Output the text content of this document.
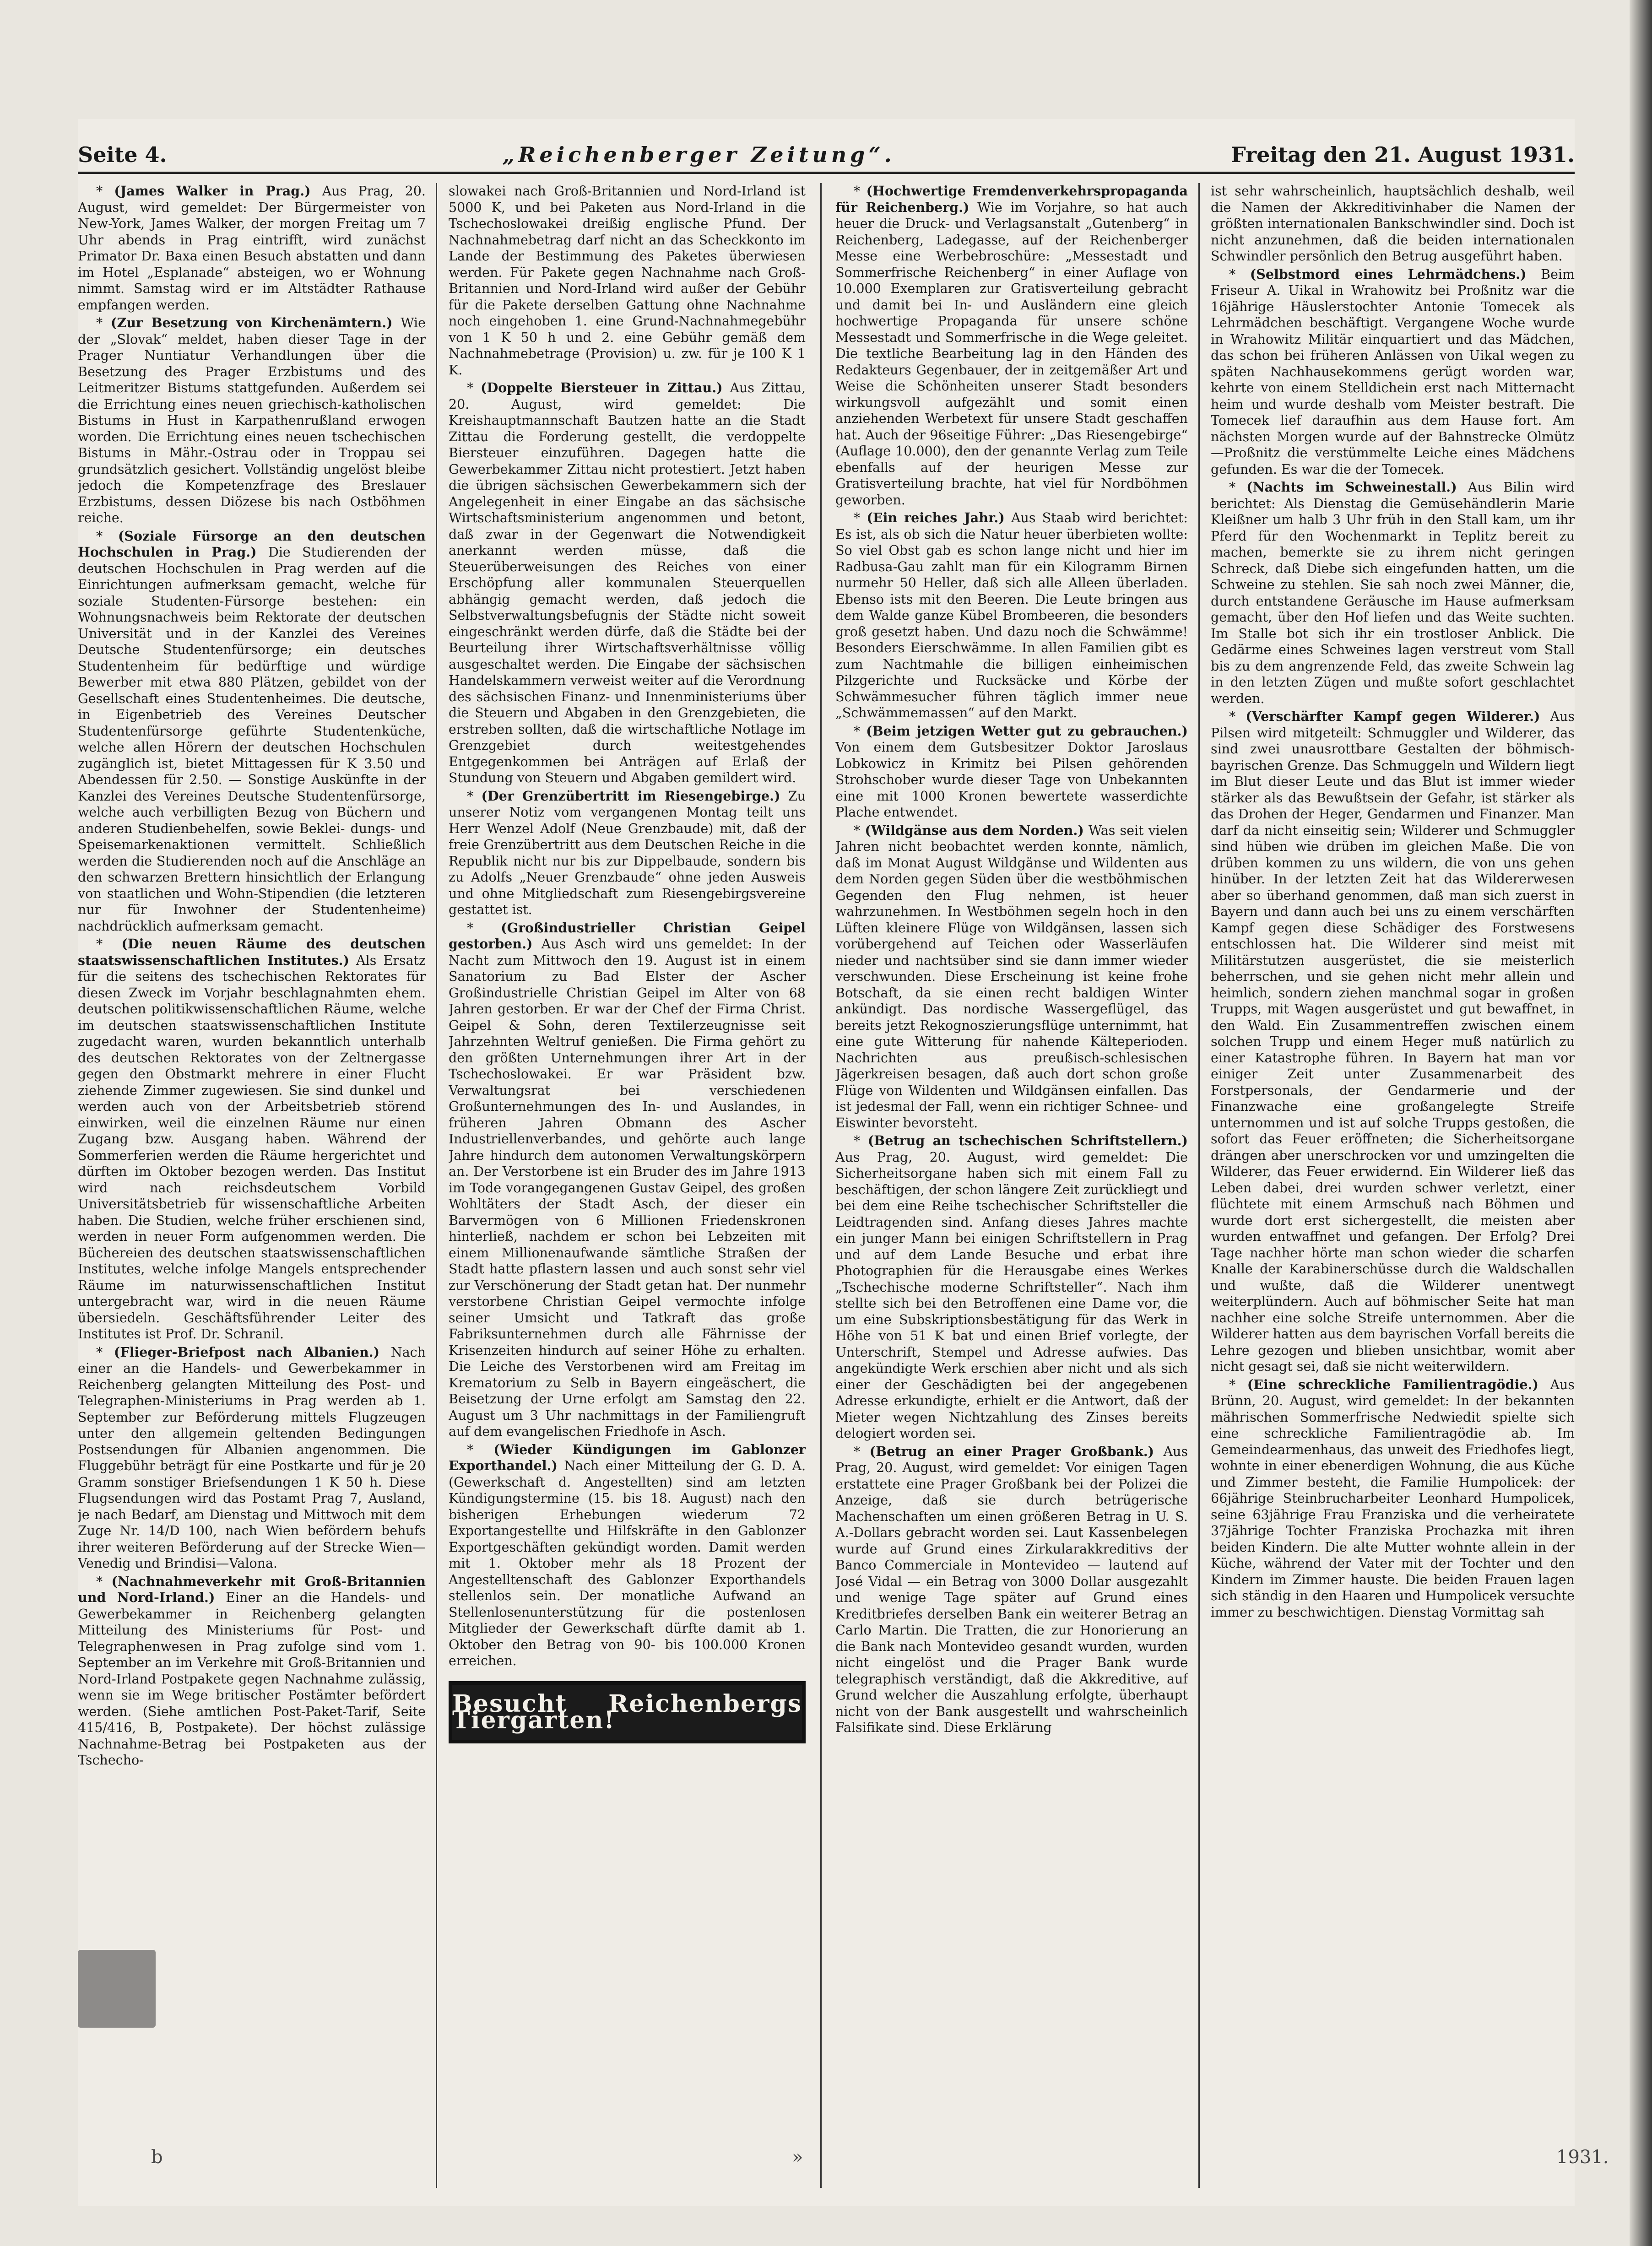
Seite 4.	„Reichenberger Zeitung“.	Freitag den 21. August 1931.

* (James Walker in Prag.) Aus Prag, 20. August, wird gemeldet: Der Bürgermeister von New-York, James Walker, der morgen Freitag um 7 Uhr abends in Prag eintrifft, wird zunächst Primator Dr. Baxa einen Besuch abstatten und dann im Hotel „Esplanade“ absteigen, wo er Wohnung nimmt. Samstag wird er im Altstädter Rathause empfangen werden.

* (Zur Besetzung von Kirchenämtern.) Wie der „Slovak“ meldet, haben dieser Tage in der Prager Nuntiatur Verhandlungen über die Besetzung des Prager Erzbistums und des Leitmeritzer Bistums stattgefunden. Außerdem sei die Errichtung eines neuen griechisch-katholischen Bistums in Hust in Karpathenrußland erwogen worden. Die Errichtung eines neuen tschechischen Bistums in Mähr.-Ostrau oder in Troppau sei grundsätzlich gesichert. Vollständig ungelöst bleibe jedoch die Kompetenzfrage des Breslauer Erzbistums, dessen Diözese bis nach Ostböhmen reiche.

* (Soziale Fürsorge an den deutschen Hochschulen in Prag.) Die Studierenden der deutschen Hochschulen in Prag werden auf die Einrichtungen aufmerksam gemacht, welche für soziale Studenten-Fürsorge bestehen: ein Wohnungsnachweis beim Rektorate der deutschen Universität und in der Kanzlei des Vereines Deutsche Studentenfürsorge; ein deutsches Studentenheim für bedürftige und würdige Bewerber mit etwa 880 Plätzen, gebildet von der Gesellschaft eines Studentenheimes. Die deutsche, in Eigenbetrieb des Vereines Deutscher Studentenfürsorge geführte Studentenküche, welche allen Hörern der deutschen Hochschulen zugänglich ist, bietet Mittagessen für K 3.50 und Abendessen für 2.50. — Sonstige Auskünfte in der Kanzlei des Vereines Deutsche Studentenfürsorge, welche auch verbilligten Bezug von Büchern und anderen Studienbehelfen, sowie Beklei- dungs- und Speisemarkenaktionen vermittelt. Schließlich werden die Studierenden noch auf die Anschläge an den schwarzen Brettern hinsichtlich der Erlangung von staatlichen und Wohn-Stipendien (die letzteren nur für Inwohner der Studentenheime) nachdrücklich aufmerksam gemacht.

* (Die neuen Räume des deutschen staatswissenschaftlichen Institutes.) Als Ersatz für die seitens des tschechischen Rektorates für diesen Zweck im Vorjahr beschlagnahmten ehem. deutschen politikwissenschaftlichen Räume, welche im deutschen staatswissenschaftlichen Institute zugedacht waren, wurden bekanntlich unterhalb des deutschen Rektorates von der Zeltnergasse gegen den Obstmarkt mehrere in einer Flucht ziehende Zimmer zugewiesen. Sie sind dunkel und werden auch von der Arbeitsbetrieb störend einwirken, weil die einzelnen Räume nur einen Zugang bzw. Ausgang haben. Während der Sommerferien werden die Räume hergerichtet und dürften im Oktober bezogen werden. Das Institut wird nach reichsdeutschem Vorbild Universitätsbetrieb für wissenschaftliche Arbeiten haben. Die Studien, welche früher erschienen sind, werden in neuer Form aufgenommen werden. Die Büchereien des deutschen staatswissenschaftlichen Institutes, welche infolge Mangels entsprechender Räume im naturwissenschaftlichen Institut untergebracht war, wird in die neuen Räume übersiedeln. Geschäftsführender Leiter des Institutes ist Prof. Dr. Schranil.

* (Flieger-Briefpost nach Albanien.) Nach einer an die Handels- und Gewerbekammer in Reichenberg gelangten Mitteilung des Post- und Telegraphen-Ministeriums in Prag werden ab 1. September zur Beförderung mittels Flugzeugen unter den allgemein geltenden Bedingungen Postsendungen für Albanien angenommen. Die Fluggebühr beträgt für eine Postkarte und für je 20 Gramm sonstiger Briefsendungen 1 K 50 h. Diese Flugsendungen wird das Postamt Prag 7, Ausland, je nach Bedarf, am Dienstag und Mittwoch mit dem Zuge Nr. 14/D 100, nach Wien befördern behufs ihrer weiteren Beförderung auf der Strecke Wien—Venedig und Brindisi—Valona.

* (Nachnahmeverkehr mit Groß-Britannien und Nord-Irland.) Einer an die Handels- und Gewerbekammer in Reichenberg gelangten Mitteilung des Ministeriums für Post- und Telegraphenwesen in Prag zufolge sind vom 1. September an im Verkehre mit Groß-Britannien und Nord-Irland Postpakete gegen Nachnahme zulässig, wenn sie im Wege britischer Postämter befördert werden. (Siehe amtlichen Post-Paket-Tarif, Seite 415/416, B, Postpakete). Der höchst zulässige Nachnahme-Betrag bei Postpaketen aus der Tschecho-

slowakei nach Groß-Britannien und Nord-Irland ist 5000 K, und bei Paketen aus Nord-Irland in die Tschechoslowakei dreißig englische Pfund. Der Nachnahmebetrag darf nicht an das Scheckkonto im Lande der Bestimmung des Paketes überwiesen werden. Für Pakete gegen Nachnahme nach Groß-Britannien und Nord-Irland wird außer der Gebühr für die Pakete derselben Gattung ohne Nachnahme noch eingehoben 1. eine Grund-Nachnahmegebühr von 1 K 50 h und 2. eine Gebühr gemäß dem Nachnahmebetrage (Provision) u. zw. für je 100 K 1 K.

* (Doppelte Biersteuer in Zittau.) Aus Zittau, 20. August, wird gemeldet: Die Kreishauptmannschaft Bautzen hatte an die Stadt Zittau die Forderung gestellt, die verdoppelte Biersteuer einzuführen. Dagegen hatte die Gewerbekammer Zittau nicht protestiert. Jetzt haben die übrigen sächsischen Gewerbekammern sich der Angelegenheit in einer Eingabe an das sächsische Wirtschaftsministerium angenommen und betont, daß zwar in der Gegenwart die Notwendigkeit anerkannt werden müsse, daß die Steuerüberweisungen des Reiches von einer Erschöpfung aller kommunalen Steuerquellen abhängig gemacht werden, daß jedoch die Selbstverwaltungsbefugnis der Städte nicht soweit eingeschränkt werden dürfe, daß die Städte bei der Beurteilung ihrer Wirtschaftsverhältnisse völlig ausgeschaltet werden. Die Eingabe der sächsischen Handelskammern verweist weiter auf die Verordnung des sächsischen Finanz- und Innenministeriums über die Steuern und Abgaben in den Grenzgebieten, die erstreben sollten, daß die wirtschaftliche Notlage im Grenzgebiet durch weitestgehendes Entgegenkommen bei Anträgen auf Erlaß der Stundung von Steuern und Abgaben gemildert wird.

* (Der Grenzübertritt im Riesengebirge.) Zu unserer Notiz vom vergangenen Montag teilt uns Herr Wenzel Adolf (Neue Grenzbaude) mit, daß der freie Grenzübertritt aus dem Deutschen Reiche in die Republik nicht nur bis zur Dippelbaude, sondern bis zu Adolfs „Neuer Grenzbaude“ ohne jeden Ausweis und ohne Mitgliedschaft zum Riesengebirgsvereine gestattet ist.

* (Großindustrieller Christian Geipel gestorben.) Aus Asch wird uns gemeldet: In der Nacht zum Mittwoch den 19. August ist in einem Sanatorium zu Bad Elster der Ascher Großindustrielle Christian Geipel im Alter von 68 Jahren gestorben. Er war der Chef der Firma Christ. Geipel & Sohn, deren Textilerzeugnisse seit Jahrzehnten Weltruf genießen. Die Firma gehört zu den größten Unternehmungen ihrer Art in der Tschechoslowakei. Er war Präsident bzw. Verwaltungsrat bei verschiedenen Großunternehmungen des In- und Auslandes, in früheren Jahren Obmann des Ascher Industriellenverbandes, und gehörte auch lange Jahre hindurch dem autonomen Verwaltungskörpern an. Der Verstorbene ist ein Bruder des im Jahre 1913 im Tode vorangegangenen Gustav Geipel, des großen Wohltäters der Stadt Asch, der dieser ein Barvermögen von 6 Millionen Friedenskronen hinterließ, nachdem er schon bei Lebzeiten mit einem Millionenaufwande sämtliche Straßen der Stadt hatte pflastern lassen und auch sonst sehr viel zur Verschönerung der Stadt getan hat. Der nunmehr verstorbene Christian Geipel vermochte infolge seiner Umsicht und Tatkraft das große Fabriksunternehmen durch alle Fährnisse der Krisenzeiten hindurch auf seiner Höhe zu erhalten. Die Leiche des Verstorbenen wird am Freitag im Krematorium zu Selb in Bayern eingeäschert, die Beisetzung der Urne erfolgt am Samstag den 22. August um 3 Uhr nachmittags in der Familiengruft auf dem evangelischen Friedhofe in Asch.

* (Wieder Kündigungen im Gablonzer Exporthandel.) Nach einer Mitteilung der G. D. A. (Gewerkschaft d. Angestellten) sind am letzten Kündigungstermine (15. bis 18. August) nach den bisherigen Erhebungen wiederum 72 Exportangestellte und Hilfskräfte in den Gablonzer Exportgeschäften gekündigt worden. Damit werden mit 1. Oktober mehr als 18 Prozent der Angestelltenschaft des Gablonzer Exporthandels stellenlos sein. Der monatliche Aufwand an Stellenlosenunterstützung für die postenlosen Mitglieder der Gewerkschaft dürfte damit ab 1. Oktober den Betrag von 90- bis 100.000 Kronen erreichen.

Besucht Reichenbergs Tiergarten!

* (Hochwertige Fremdenverkehrspropaganda für Reichenberg.) Wie im Vorjahre, so hat auch heuer die Druck- und Verlagsanstalt „Gutenberg“ in Reichenberg, Ladegasse, auf der Reichenberger Messe eine Werbebroschüre: „Messestadt und Sommerfrische Reichenberg“ in einer Auflage von 10.000 Exemplaren zur Gratisverteilung gebracht und damit bei In- und Ausländern eine gleich hochwertige Propaganda für unsere schöne Messestadt und Sommerfrische in die Wege geleitet. Die textliche Bearbeitung lag in den Händen des Redakteurs Gegenbauer, der in zeitgemäßer Art und Weise die Schönheiten unserer Stadt besonders wirkungsvoll aufgezählt und somit einen anziehenden Werbetext für unsere Stadt geschaffen hat. Auch der 96seitige Führer: „Das Riesengebirge“ (Auflage 10.000), den der genannte Verlag zum Teile ebenfalls auf der heurigen Messe zur Gratisverteilung brachte, hat viel für Nordböhmen geworben.

* (Ein reiches Jahr.) Aus Staab wird berichtet: Es ist, als ob sich die Natur heuer überbieten wollte: So viel Obst gab es schon lange nicht und hier im Radbusa-Gau zahlt man für ein Kilogramm Birnen nurmehr 50 Heller, daß sich alle Alleen überladen. Ebenso ists mit den Beeren. Die Leute bringen aus dem Walde ganze Kübel Brombeeren, die besonders groß gesetzt haben. Und dazu noch die Schwämme! Besonders Eierschwämme. In allen Familien gibt es zum Nachtmahle die billigen einheimischen Pilzgerichte und Rucksäcke und Körbe der Schwämmesucher führen täglich immer neue „Schwämmemassen“ auf den Markt.

* (Beim jetzigen Wetter gut zu gebrauchen.) Von einem dem Gutsbesitzer Doktor Jaroslaus Lobkowicz in Krimitz bei Pilsen gehörenden Strohschober wurde dieser Tage von Unbekannten eine mit 1000 Kronen bewertete wasserdichte Plache entwendet.

* (Wildgänse aus dem Norden.) Was seit vielen Jahren nicht beobachtet werden konnte, nämlich, daß im Monat August Wildgänse und Wildenten aus dem Norden gegen Süden über die westböhmischen Gegenden den Flug nehmen, ist heuer wahrzunehmen. In Westböhmen segeln hoch in den Lüften kleinere Flüge von Wildgänsen, lassen sich vorübergehend auf Teichen oder Wasserläufen nieder und nachtsüber sind sie dann immer wieder verschwunden. Diese Erscheinung ist keine frohe Botschaft, da sie einen recht baldigen Winter ankündigt. Das nordische Wassergeflügel, das bereits jetzt Rekognoszierungsflüge unternimmt, hat eine gute Witterung für nahende Kälteperioden. Nachrichten aus preußisch-schlesischen Jägerkreisen besagen, daß auch dort schon große Flüge von Wildenten und Wildgänsen einfallen. Das ist jedesmal der Fall, wenn ein richtiger Schnee- und Eiswinter bevorsteht.

* (Betrug an tschechischen Schriftstellern.) Aus Prag, 20. August, wird gemeldet: Die Sicherheitsorgane haben sich mit einem Fall zu beschäftigen, der schon längere Zeit zurückliegt und bei dem eine Reihe tschechischer Schriftsteller die Leidtragenden sind. Anfang dieses Jahres machte ein junger Mann bei einigen Schriftstellern in Prag und auf dem Lande Besuche und erbat ihre Photographien für die Herausgabe eines Werkes „Tschechische moderne Schriftsteller“. Nach ihm stellte sich bei den Betroffenen eine Dame vor, die um eine Subskriptionsbestätigung für das Werk in Höhe von 51 K bat und einen Brief vorlegte, der Unterschrift, Stempel und Adresse aufwies. Das angekündigte Werk erschien aber nicht und als sich einer der Geschädigten bei der angegebenen Adresse erkundigte, erhielt er die Antwort, daß der Mieter wegen Nichtzahlung des Zinses bereits delogiert worden sei.

* (Betrug an einer Prager Großbank.) Aus Prag, 20. August, wird gemeldet: Vor einigen Tagen erstattete eine Prager Großbank bei der Polizei die Anzeige, daß sie durch betrügerische Machenschaften um einen größeren Betrag in U. S. A.-Dollars gebracht worden sei. Laut Kassenbelegen wurde auf Grund eines Zirkularakkreditivs der Banco Commerciale in Montevideo — lautend auf José Vidal — ein Betrag von 3000 Dollar ausgezahlt und wenige Tage später auf Grund eines Kreditbriefes derselben Bank ein weiterer Betrag an Carlo Martin. Die Tratten, die zur Honorierung an die Bank nach Montevideo gesandt wurden, wurden nicht eingelöst und die Prager Bank wurde telegraphisch verständigt, daß die Akkreditive, auf Grund welcher die Auszahlung erfolgte, überhaupt nicht von der Bank ausgestellt und wahrscheinlich Falsifikate sind. Diese Erklärung

ist sehr wahrscheinlich, hauptsächlich deshalb, weil die Namen der Akkreditivinhaber die Namen der größten internationalen Bankschwindler sind. Doch ist nicht anzunehmen, daß die beiden internationalen Schwindler persönlich den Betrug ausgeführt haben.

* (Selbstmord eines Lehrmädchens.) Beim Friseur A. Uikal in Wrahowitz bei Proßnitz war die 16jährige Häuslerstochter Antonie Tomecek als Lehrmädchen beschäftigt. Vergangene Woche wurde in Wrahowitz Militär einquartiert und das Mädchen, das schon bei früheren Anlässen von Uikal wegen zu späten Nachhausekommens gerügt worden war, kehrte von einem Stelldichein erst nach Mitternacht heim und wurde deshalb vom Meister bestraft. Die Tomecek lief daraufhin aus dem Hause fort. Am nächsten Morgen wurde auf der Bahnstrecke Olmütz—Proßnitz die verstümmelte Leiche eines Mädchens gefunden. Es war die der Tomecek.

* (Nachts im Schweinestall.) Aus Bilin wird berichtet: Als Dienstag die Gemüsehändlerin Marie Kleißner um halb 3 Uhr früh in den Stall kam, um ihr Pferd für den Wochenmarkt in Teplitz bereit zu machen, bemerkte sie zu ihrem nicht geringen Schreck, daß Diebe sich eingefunden hatten, um die Schweine zu stehlen. Sie sah noch zwei Männer, die, durch entstandene Geräusche im Hause aufmerksam gemacht, über den Hof liefen und das Weite suchten. Im Stalle bot sich ihr ein trostloser Anblick. Die Gedärme eines Schweines lagen verstreut vom Stall bis zu dem angrenzende Feld, das zweite Schwein lag in den letzten Zügen und mußte sofort geschlachtet werden.

* (Verschärfter Kampf gegen Wilderer.) Aus Pilsen wird mitgeteilt: Schmuggler und Wilderer, das sind zwei unausrottbare Gestalten der böhmisch-bayrischen Grenze. Das Schmuggeln und Wildern liegt im Blut dieser Leute und das Blut ist immer wieder stärker als das Bewußtsein der Gefahr, ist stärker als das Drohen der Heger, Gendarmen und Finanzer. Man darf da nicht einseitig sein; Wilderer und Schmuggler sind hüben wie drüben im gleichen Maße. Die von drüben kommen zu uns wildern, die von uns gehen hinüber. In der letzten Zeit hat das Wildererwesen aber so überhand genommen, daß man sich zuerst in Bayern und dann auch bei uns zu einem verschärften Kampf gegen diese Schädiger des Forstwesens entschlossen hat. Die Wilderer sind meist mit Militärstutzen ausgerüstet, die sie meisterlich beherrschen, und sie gehen nicht mehr allein und heimlich, sondern ziehen manchmal sogar in großen Trupps, mit Wagen ausgerüstet und gut bewaffnet, in den Wald. Ein Zusammentreffen zwischen einem solchen Trupp und einem Heger muß natürlich zu einer Katastrophe führen. In Bayern hat man vor einiger Zeit unter Zusammenarbeit des Forstpersonals, der Gendarmerie und der Finanzwache eine großangelegte Streife unternommen und ist auf solche Trupps gestoßen, die sofort das Feuer eröffneten; die Sicherheitsorgane drängen aber unerschrocken vor und umzingelten die Wilderer, das Feuer erwidernd. Ein Wilderer ließ das Leben dabei, drei wurden schwer verletzt, einer flüchtete mit einem Armschuß nach Böhmen und wurde dort erst sichergestellt, die meisten aber wurden entwaffnet und gefangen. Der Erfolg? Drei Tage nachher hörte man schon wieder die scharfen Knalle der Karabinerschüsse durch die Waldschallen und wußte, daß die Wilderer unentwegt weiterplündern. Auch auf böhmischer Seite hat man nachher eine solche Streife unternommen. Aber die Wilderer hatten aus dem bayrischen Vorfall bereits die Lehre gezogen und blieben unsichtbar, womit aber nicht gesagt sei, daß sie nicht weiterwildern.

* (Eine schreckliche Familientragödie.) Aus Brünn, 20. August, wird gemeldet: In der bekannten mährischen Sommerfrische Nedwiedit spielte sich eine schreckliche Familientragödie ab. Im Gemeindearmenhaus, das unweit des Friedhofes liegt, wohnte in einer ebenerdigen Wohnung, die aus Küche und Zimmer besteht, die Familie Humpolicek: der 66jährige Steinbrucharbeiter Leonhard Humpolicek, seine 63jährige Frau Franziska und die verheiratete 37jährige Tochter Franziska Prochazka mit ihren beiden Kindern. Die alte Mutter wohnte allein in der Küche, während der Vater mit der Tochter und den Kindern im Zimmer hauste. Die beiden Frauen lagen sich ständig in den Haaren und Humpolicek versuchte immer zu beschwichtigen. Dienstag Vormittag sah

b	»	1931.
